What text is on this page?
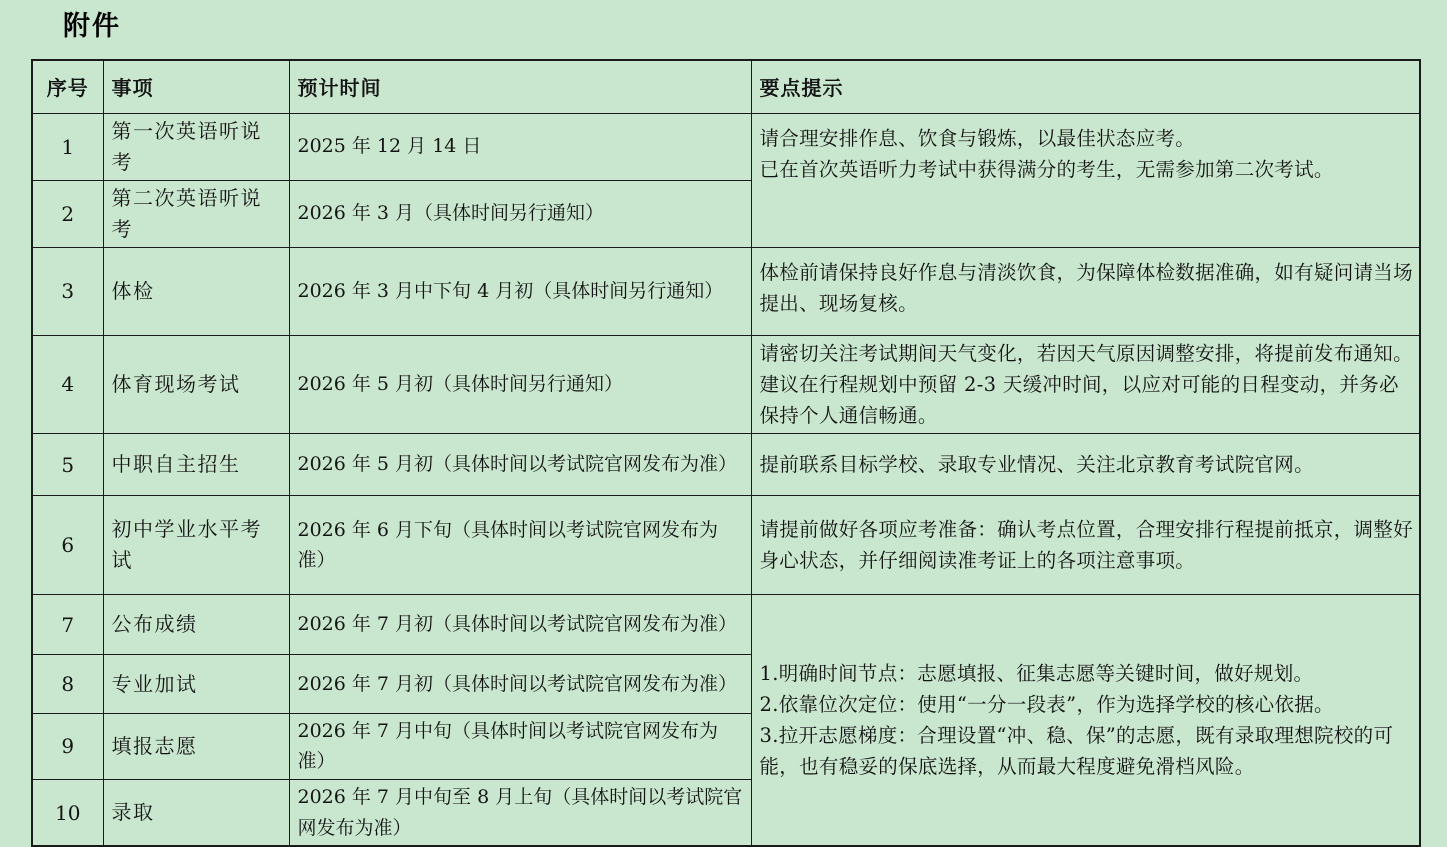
附件
序号	事项	预计时间	要点提示
1	第一次英语听说考	2025 年 12 月 14 日	请合理安排作息、饮食与锻炼，以最佳状态应考。

已在首次英语听力考试中获得满分的考生，无需参加第二次考试。

2	第二次英语听说考	2026 年 3 月（具体时间另行通知）	
3	体检	2026 年 3 月中下旬 4 月初（具体时间另行通知）	体检前请保持良好作息与清淡饮食，为保障体检数据准确，如有疑问请当场提出、现场复核。
4	体育现场考试	2026 年 5 月初（具体时间另行通知）	请密切关注考试期间天气变化，若因天气原因调整安排，将提前发布通知。建议在行程规划中预留 2-3 天缓冲时间，以应对可能的日程变动，并务必保持个人通信畅通。
5	中职自主招生	2026 年 5 月初（具体时间以考试院官网发布为准）	提前联系目标学校、录取专业情况、关注北京教育考试院官网。
6	初中学业水平考试	2026 年 6 月下旬（具体时间以考试院官网发布为准）	请提前做好各项应考准备：确认考点位置，合理安排行程提前抵京，调整好身心状态，并仔细阅读准考证上的各项注意事项。
7	公布成绩	2026 年 7 月初（具体时间以考试院官网发布为准）	1.明确时间节点：志愿填报、征集志愿等关键时间，做好规划。

2.依靠位次定位：使用“一分一段表”，作为选择学校的核心依据。

3.拉开志愿梯度：合理设置“冲、稳、保”的志愿，既有录取理想院校的可能，也有稳妥的保底选择，从而最大程度避免滑档风险。

8	专业加试	2026 年 7 月初（具体时间以考试院官网发布为准）	
9	填报志愿	2026 年 7 月中旬（具体时间以考试院官网发布为准）	
10	录取	2026 年 7 月中旬至 8 月上旬（具体时间以考试院官网发布为准）	
